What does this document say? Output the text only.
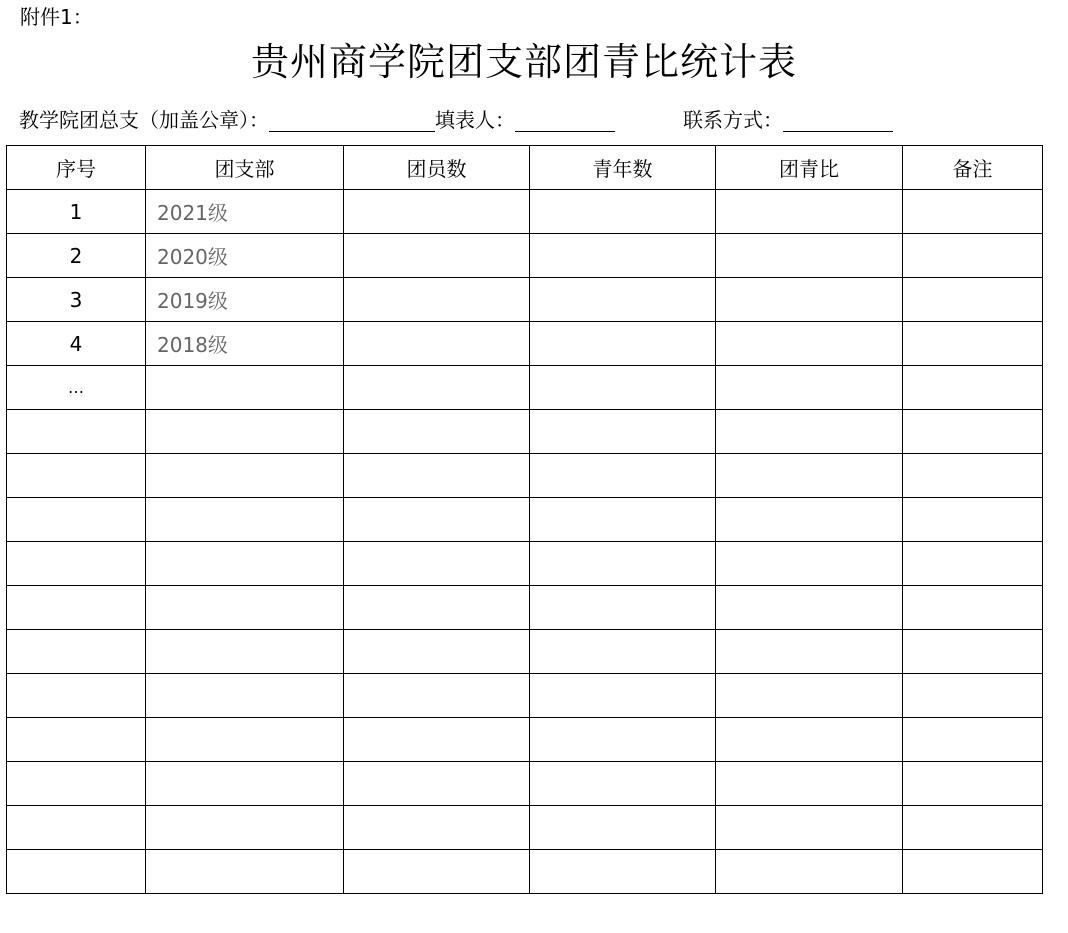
附件1：
贵州商学院团支部团青比统计表
教学院团总支（加盖公章）：	填表人：	联系方式：
序号	团支部	团员数	青年数	团青比	备注
1	2021级				
2	2020级				
3	2019级				
4	2018级				
…					
